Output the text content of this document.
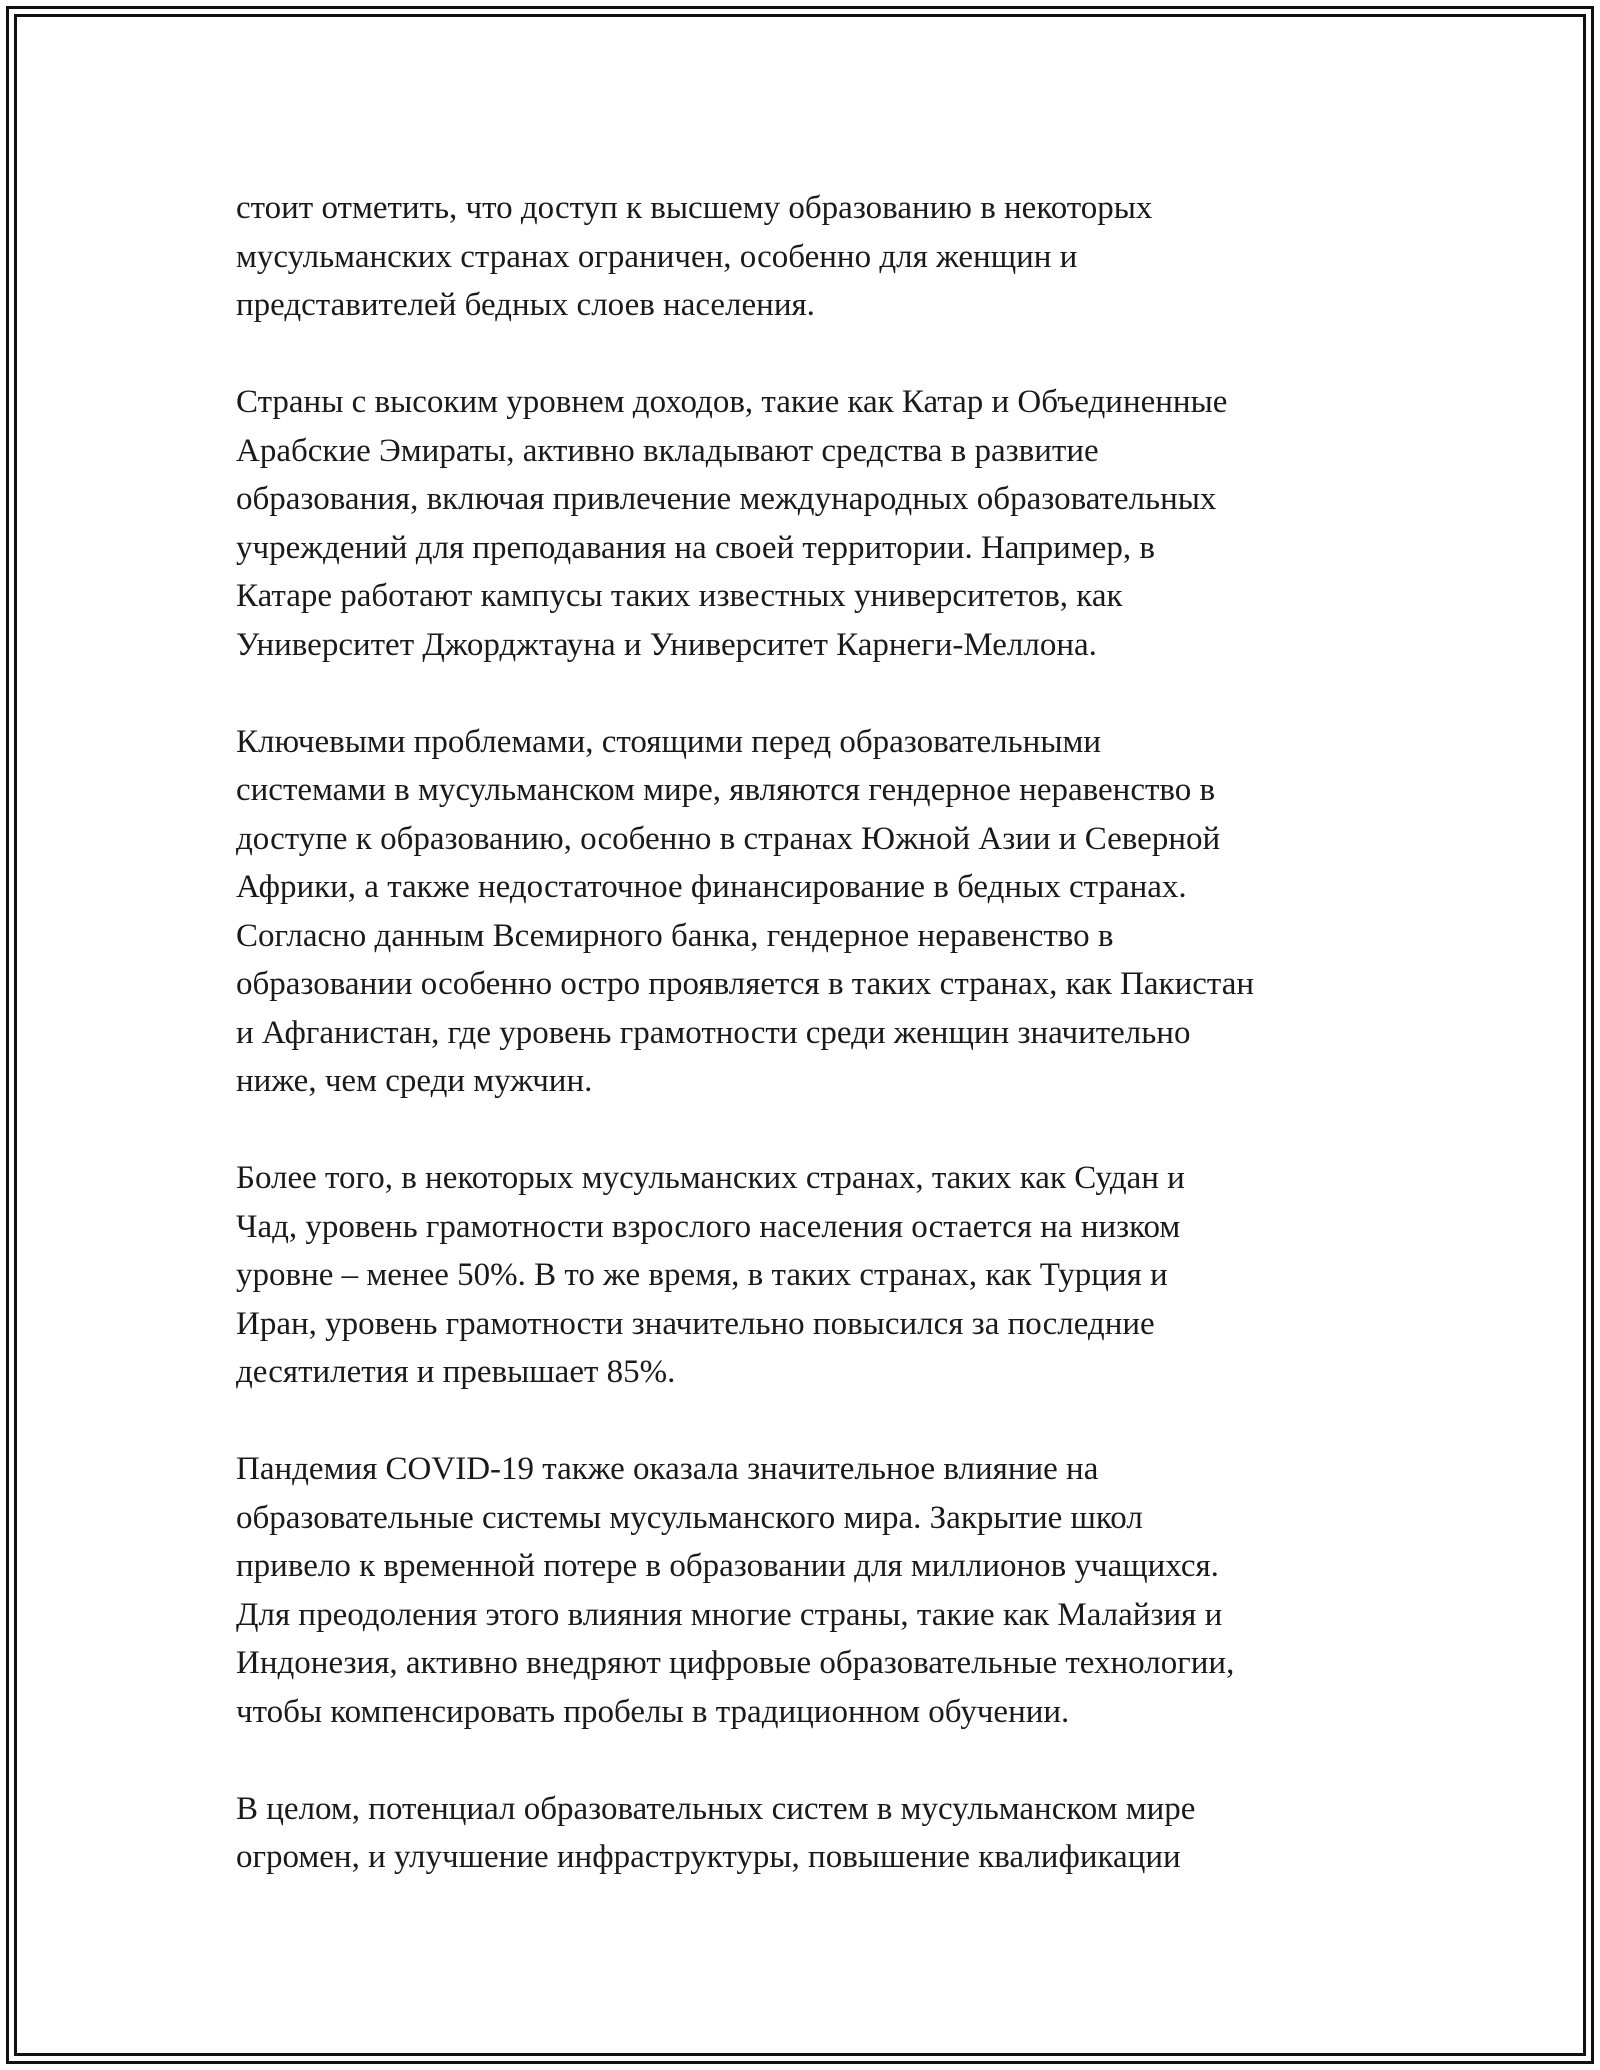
стоит отметить, что доступ к высшему образованию в некоторых
мусульманских странах ограничен, особенно для женщин и
представителей бедных слоев населения.

Страны с высоким уровнем доходов, такие как Катар и Объединенные
Арабские Эмираты, активно вкладывают средства в развитие
образования, включая привлечение международных образовательных
учреждений для преподавания на своей территории. Например, в
Катаре работают кампусы таких известных университетов, как
Университет Джорджтауна и Университет Карнеги-Меллона.

Ключевыми проблемами, стоящими перед образовательными
системами в мусульманском мире, являются гендерное неравенство в
доступе к образованию, особенно в странах Южной Азии и Северной
Африки, а также недостаточное финансирование в бедных странах.
Согласно данным Всемирного банка, гендерное неравенство в
образовании особенно остро проявляется в таких странах, как Пакистан
и Афганистан, где уровень грамотности среди женщин значительно
ниже, чем среди мужчин.

Более того, в некоторых мусульманских странах, таких как Судан и
Чад, уровень грамотности взрослого населения остается на низком
уровне – менее 50%. В то же время, в таких странах, как Турция и
Иран, уровень грамотности значительно повысился за последние
десятилетия и превышает 85%.

Пандемия COVID-19 также оказала значительное влияние на
образовательные системы мусульманского мира. Закрытие школ
привело к временной потере в образовании для миллионов учащихся.
Для преодоления этого влияния многие страны, такие как Малайзия и
Индонезия, активно внедряют цифровые образовательные технологии,
чтобы компенсировать пробелы в традиционном обучении.

В целом, потенциал образовательных систем в мусульманском мире
огромен, и улучшение инфраструктуры, повышение квалификации
